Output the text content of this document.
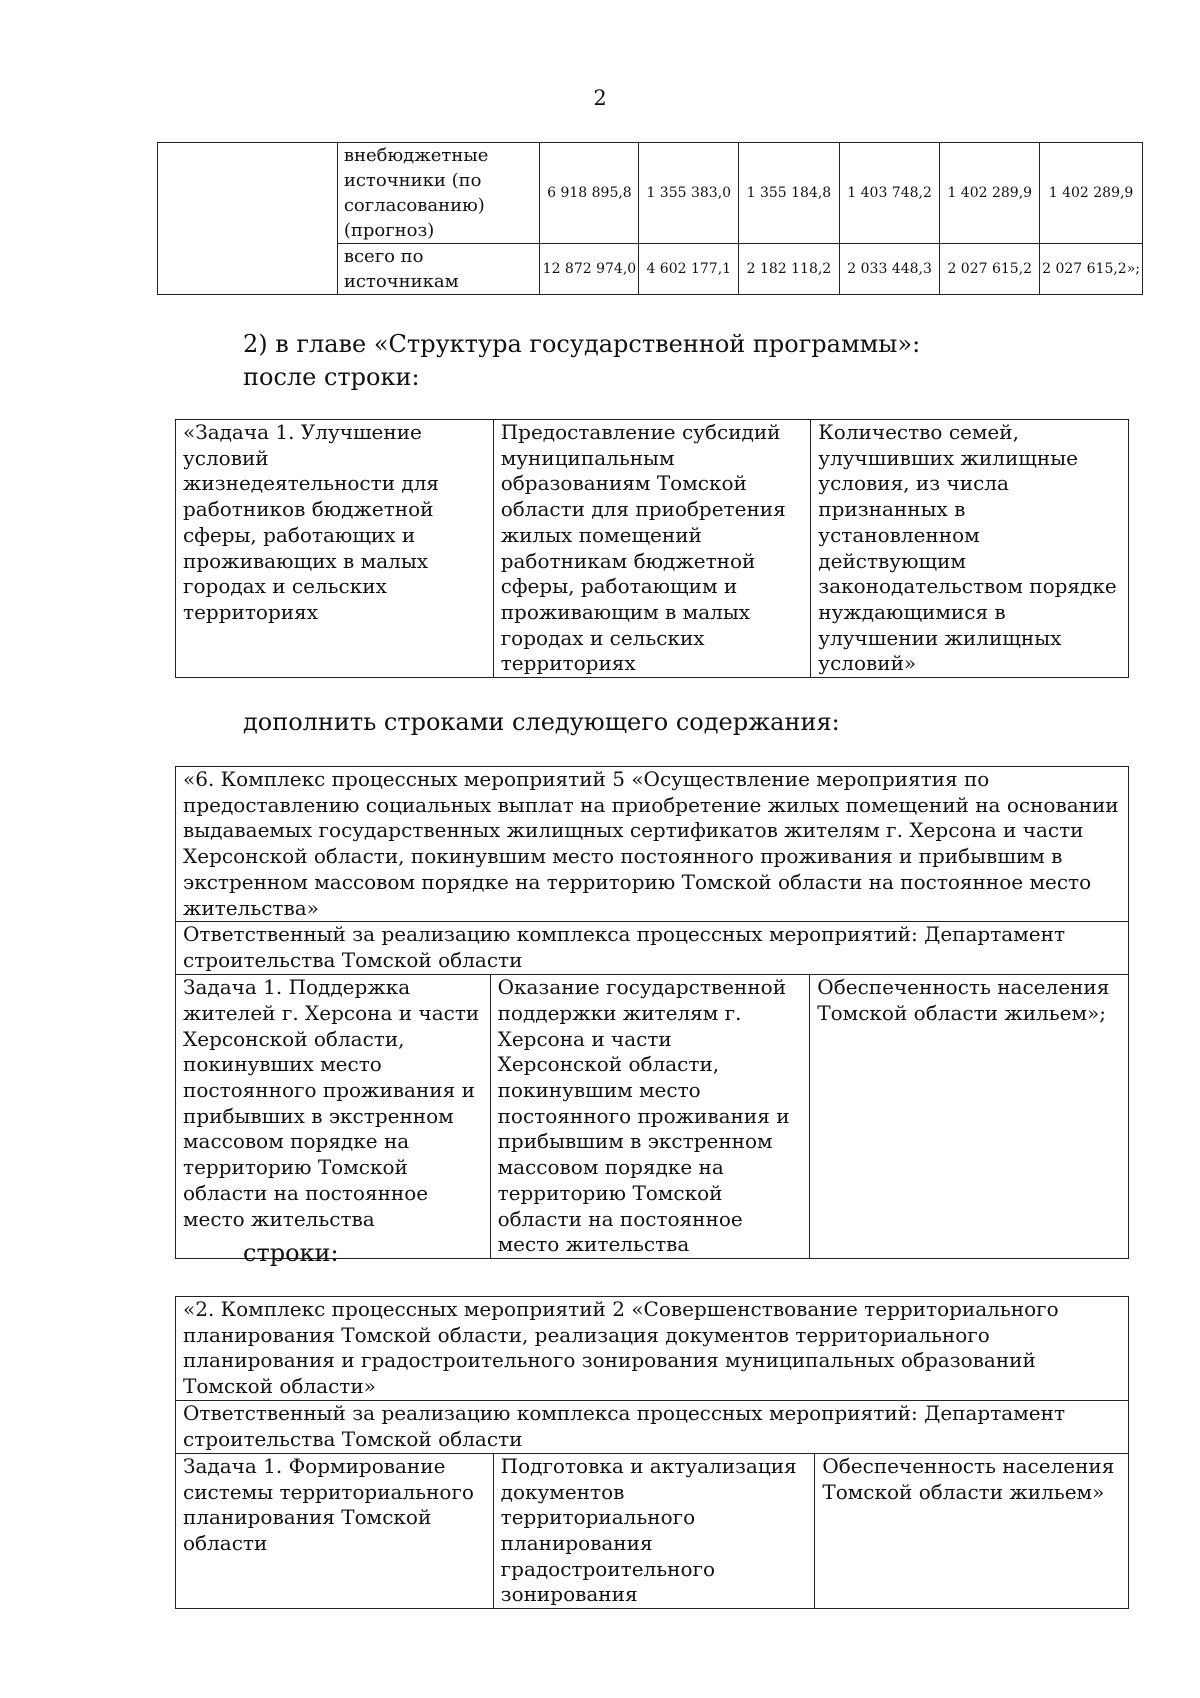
2
	внебюджетные источники (по согласованию) (прогноз)	6 918 895,8	1 355 383,0	1 355 184,8	1 403 748,2	1 402 289,9	1 402 289,9
	всего по источникам	12 872 974,0	4 602 177,1	2 182 118,2	2 033 448,3	2 027 615,2	2 027 615,2»;

2) в главе «Структура государственной программы»:

после строки:

«Задача 1. Улучшение условий жизнедеятельности для работников бюджетной сферы, работающих и проживающих в малых городах и сельских территориях	Предоставление субсидий муниципальным образованиям Томской области для приобретения жилых помещений работникам бюджетной сферы, работающим и проживающим в малых городах и сельских территориях	Количество семей, улучшивших жилищные условия, из числа признанных в установленном действующим законодательством порядке нуждающимися в улучшении жилищных условий»

дополнить строками следующего содержания:

«6. Комплекс процессных мероприятий 5 «Осуществление мероприятия по предоставлению социальных выплат на приобретение жилых помещений на основании выдаваемых государственных жилищных сертификатов жителям г. Херсона и части Херсонской области, покинувшим место постоянного проживания и прибывшим в экстренном массовом порядке на территорию Томской области на постоянное место жительства»
Ответственный за реализацию комплекса процессных мероприятий: Департамент строительства Томской области
Задача 1. Поддержка жителей г. Херсона и части Херсонской области, покинувших место постоянного проживания и прибывших в экстренном массовом порядке на территорию Томской области на постоянное место жительства	Оказание государственной поддержки жителям г. Херсона и части Херсонской области, покинувшим место постоянного проживания и прибывшим в экстренном массовом порядке на территорию Томской области на постоянное место жительства	Обеспеченность населения Томской области жильем»;

строки:

«2. Комплекс процессных мероприятий 2 «Совершенствование территориального планирования Томской области, реализация документов территориального планирования и градостроительного зонирования муниципальных образований Томской области»
Ответственный за реализацию комплекса процессных мероприятий: Департамент строительства Томской области
Задача 1. Формирование системы территориального планирования Томской области	Подготовка и актуализация документов территориального планирования градостроительного зонирования	Обеспеченность населения Томской области жильем»
